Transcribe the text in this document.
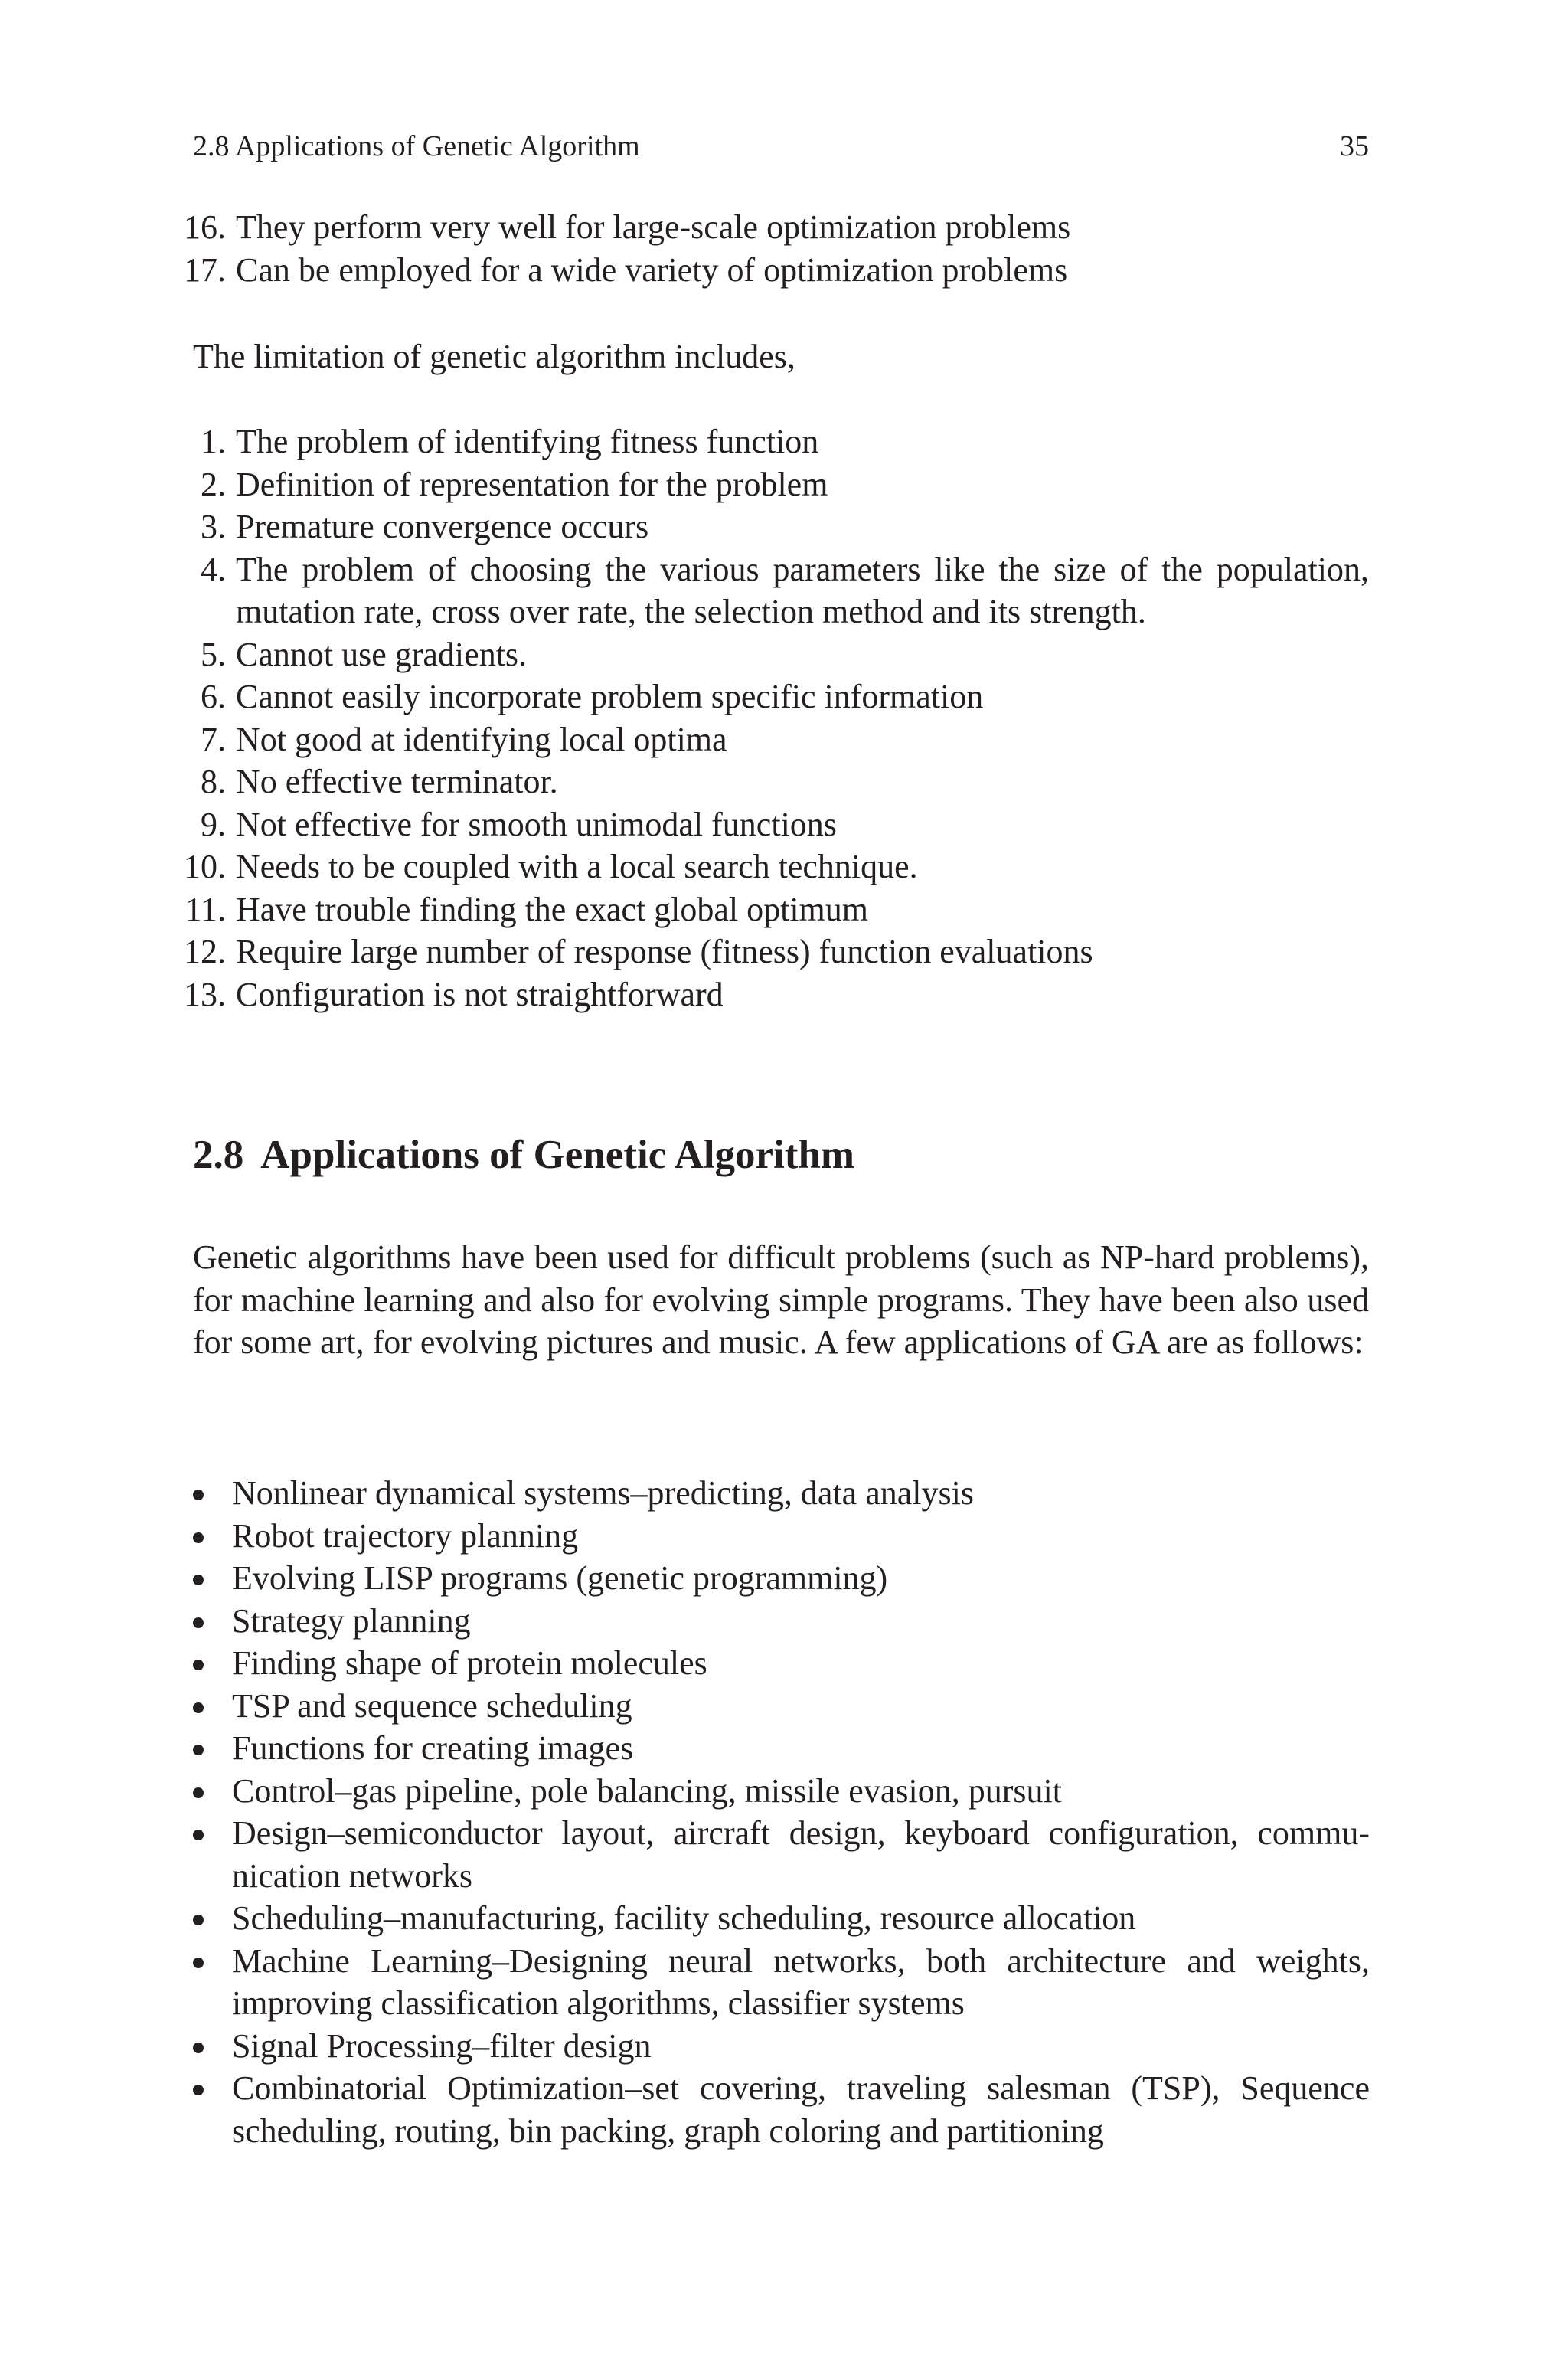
2.8 Applications of Genetic Algorithm	35
16. They perform very well for large-scale optimization problems
17. Can be employed for a wide variety of optimization problems

The limitation of genetic algorithm includes,

1. The problem of identifying fitness function
2. Definition of representation for the problem
3. Premature convergence occurs
4. The problem of choosing the various parameters like the size of the population, mutation rate, cross over rate, the selection method and its strength.
5. Cannot use gradients.
6. Cannot easily incorporate problem specific information
7. Not good at identifying local optima
8. No effective terminator.
9. Not effective for smooth unimodal functions
10. Needs to be coupled with a local search technique.
11. Have trouble finding the exact global optimum
12. Require large number of response (fitness) function evaluations
13. Configuration is not straightforward
2.8 Applications of Genetic Algorithm

Genetic algorithms have been used for difficult problems (such as NP-hard problems), for machine learning and also for evolving simple programs. They have been also used for some art, for evolving pictures and music. A few applications of GA are as follows:

Nonlinear dynamical systems–predicting, data analysis
Robot trajectory planning
Evolving LISP programs (genetic programming)
Strategy planning
Finding shape of protein molecules
TSP and sequence scheduling
Functions for creating images
Control–gas pipeline, pole balancing, missile evasion, pursuit
Design–semiconductor layout, aircraft design, keyboard configuration, communication networks
Scheduling–manufacturing, facility scheduling, resource allocation
Machine Learning–Designing neural networks, both architecture and weights, improving classification algorithms, classifier systems
Signal Processing–filter design
Combinatorial Optimization–set covering, traveling salesman (TSP), Sequence scheduling, routing, bin packing, graph coloring and partitioning
